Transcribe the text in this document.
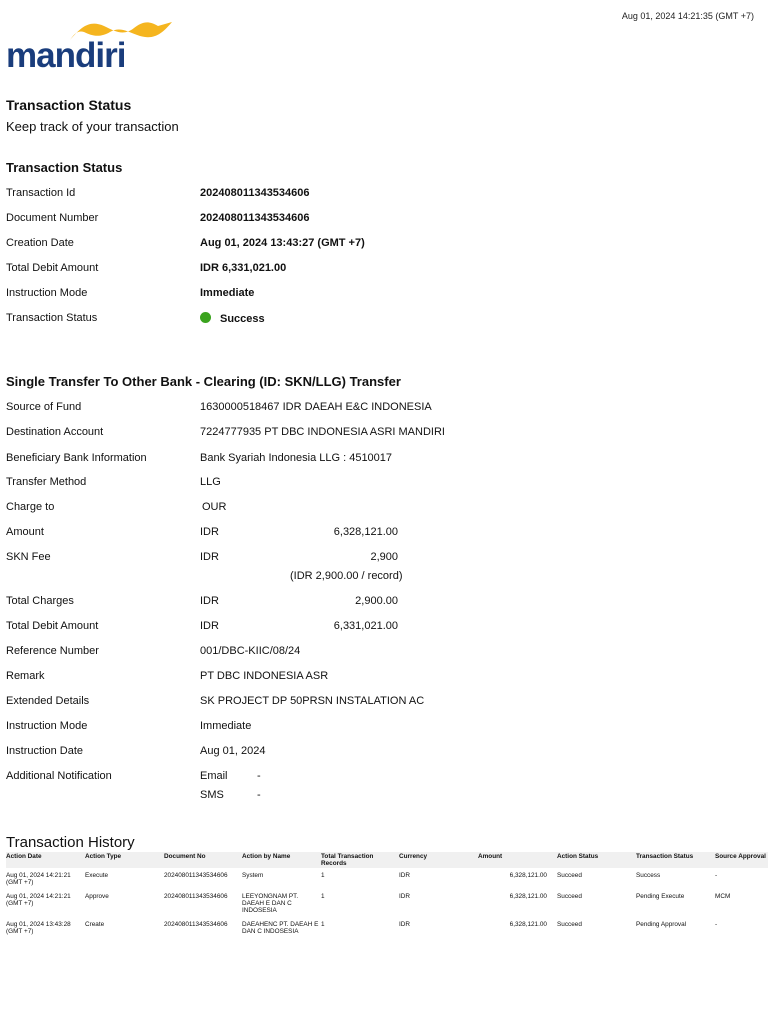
Aug 01, 2024 14:21:35 (GMT +7)
mandiri
Transaction Status
Keep track of your transaction
Transaction Status
Transaction Id	202408011343534606
Document Number	202408011343534606
Creation Date	Aug 01, 2024 13:43:27 (GMT +7)
Total Debit Amount	IDR 6,331,021.00
Instruction Mode	Immediate
Transaction Status	Success
Single Transfer To Other Bank - Clearing (ID: SKN/LLG) Transfer
Source of Fund	1630000518467 IDR DAEAH E&C INDONESIA
Destination Account	7224777935 PT DBC INDONESIA ASRI MANDIRI
Beneficiary Bank Information	Bank Syariah Indonesia LLG : 4510017
Transfer Method	LLG
Charge to	OUR
Amount	IDR	6,328,121.00
SKN Fee	IDR	2,900
(IDR 2,900.00 / record)
Total Charges	IDR	2,900.00
Total Debit Amount	IDR	6,331,021.00
Reference Number	001/DBC-KIIC/08/24
Remark	PT DBC INDONESIA ASR
Extended Details	SK PROJECT DP 50PRSN INSTALATION AC
Instruction Mode	Immediate
Instruction Date	Aug 01, 2024
Additional Notification	Email	-
SMS	-
Transaction History
Action Date	Action Type	Document No	Action by Name	Total Transaction Records	Currency	Amount	Action Status	Transaction Status	Source Approval
Aug 01, 2024 14:21:21 (GMT +7)	Execute	202408011343534606	System	1	IDR	6,328,121.00	Succeed	Success	-
Aug 01, 2024 14:21:21 (GMT +7)	Approve	202408011343534606	LEEYONGNAM PT. DAEAH E DAN C INDOSESIA	1	IDR	6,328,121.00	Succeed	Pending Execute	MCM
Aug 01, 2024 13:43:28 (GMT +7)	Create	202408011343534606	DAEAHENC PT. DAEAH E DAN C INDOSESIA	1	IDR	6,328,121.00	Succeed	Pending Approval	-
